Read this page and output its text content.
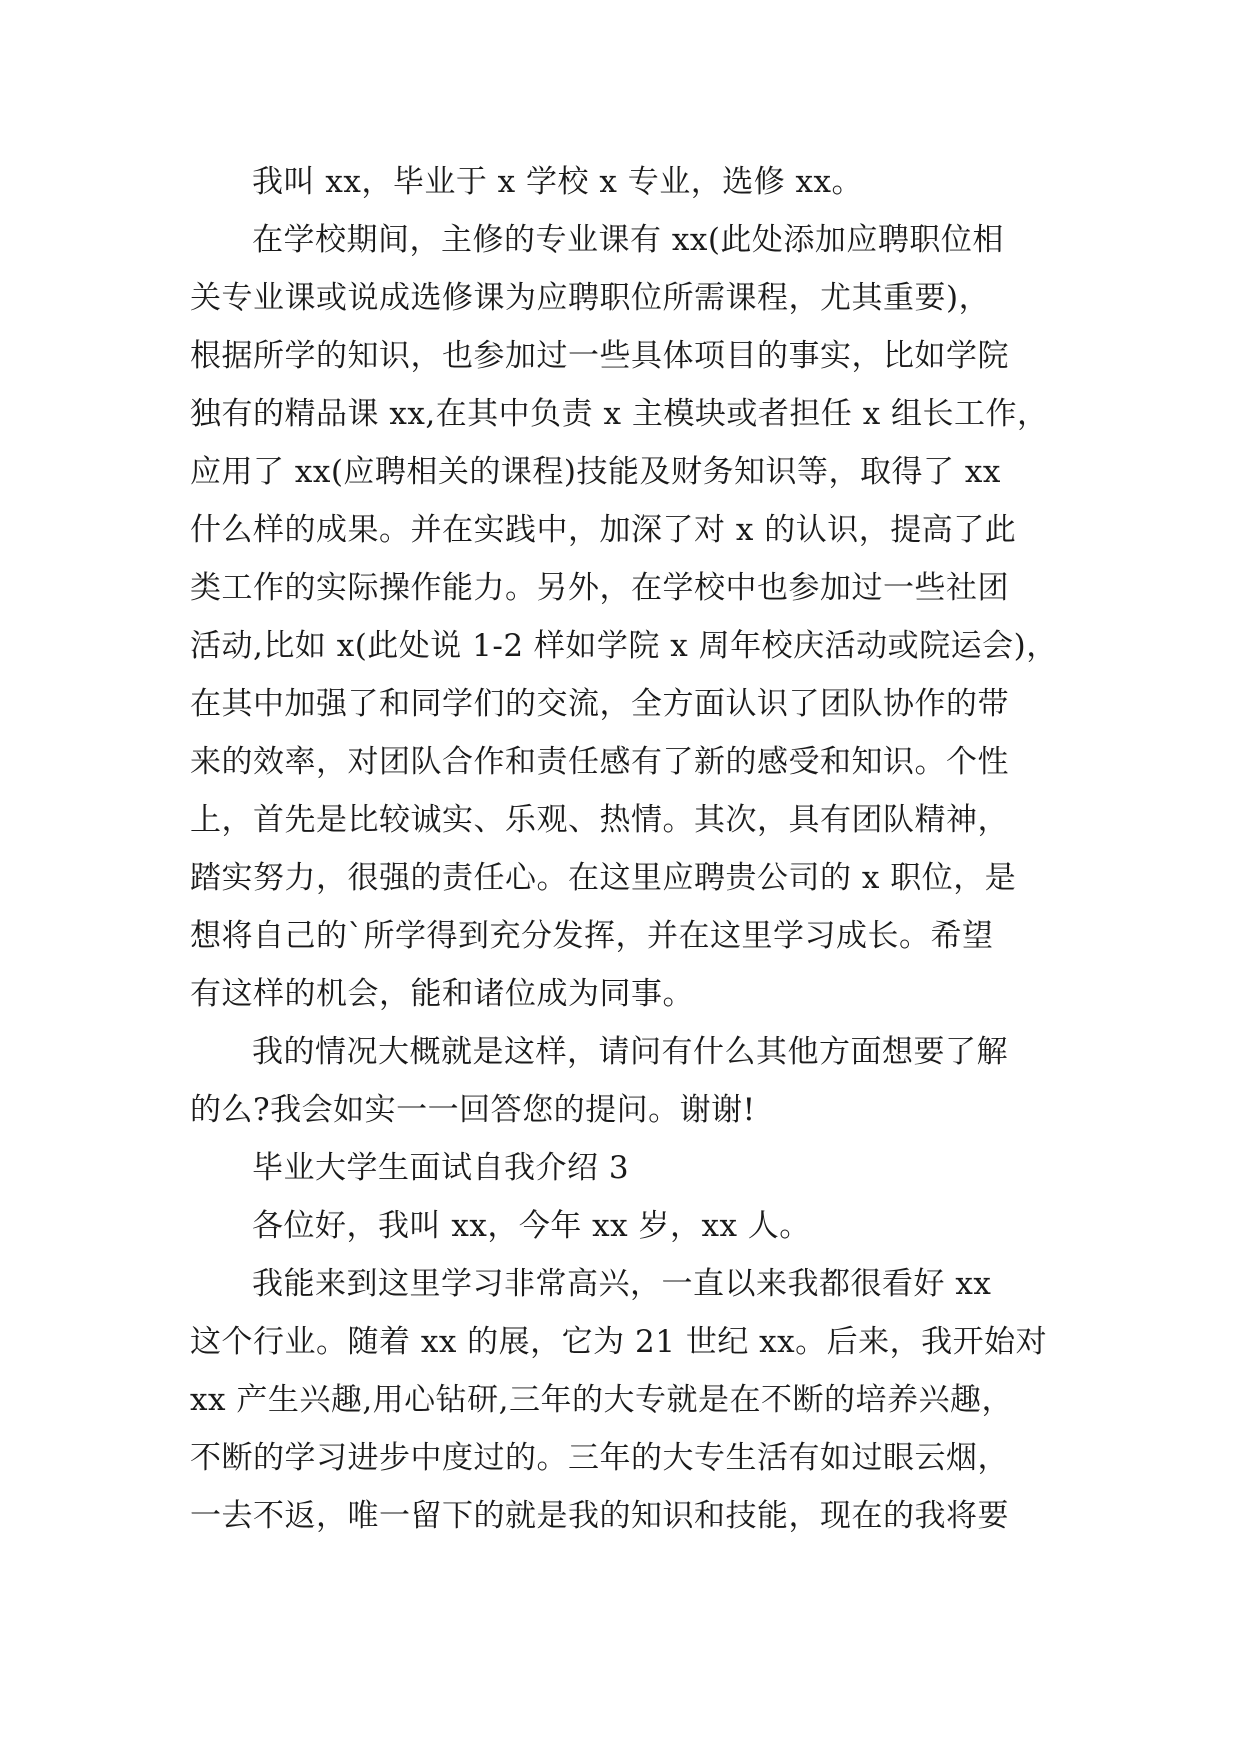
我叫 xx，毕业于 x 学校 x 专业，选修 xx。
在学校期间，主修的专业课有 xx(此处添加应聘职位相
关专业课或说成选修课为应聘职位所需课程，尤其重要)，
根据所学的知识，也参加过一些具体项目的事实，比如学院
独有的精品课 xx,在其中负责 x 主模块或者担任 x 组长工作，
应用了 xx(应聘相关的课程)技能及财务知识等，取得了 xx
什么样的成果。并在实践中，加深了对 x 的认识，提高了此
类工作的实际操作能力。另外，在学校中也参加过一些社团
活动,比如 x(此处说 1-2 样如学院 x 周年校庆活动或院运会)，
在其中加强了和同学们的交流，全方面认识了团队协作的带
来的效率，对团队合作和责任感有了新的感受和知识。个性
上，首先是比较诚实、乐观、热情。其次，具有团队精神，
踏实努力，很强的责任心。在这里应聘贵公司的 x 职位，是
想将自己的`所学得到充分发挥，并在这里学习成长。希望
有这样的机会，能和诸位成为同事。
我的情况大概就是这样，请问有什么其他方面想要了解
的么?我会如实一一回答您的提问。谢谢!
毕业大学生面试自我介绍 3
各位好，我叫 xx，今年 xx 岁，xx 人。
我能来到这里学习非常高兴，一直以来我都很看好 xx
这个行业。随着 xx 的展，它为 21 世纪 xx。后来，我开始对
xx 产生兴趣,用心钻研,三年的大专就是在不断的培养兴趣，
不断的学习进步中度过的。三年的大专生活有如过眼云烟，
一去不返，唯一留下的就是我的知识和技能，现在的我将要
